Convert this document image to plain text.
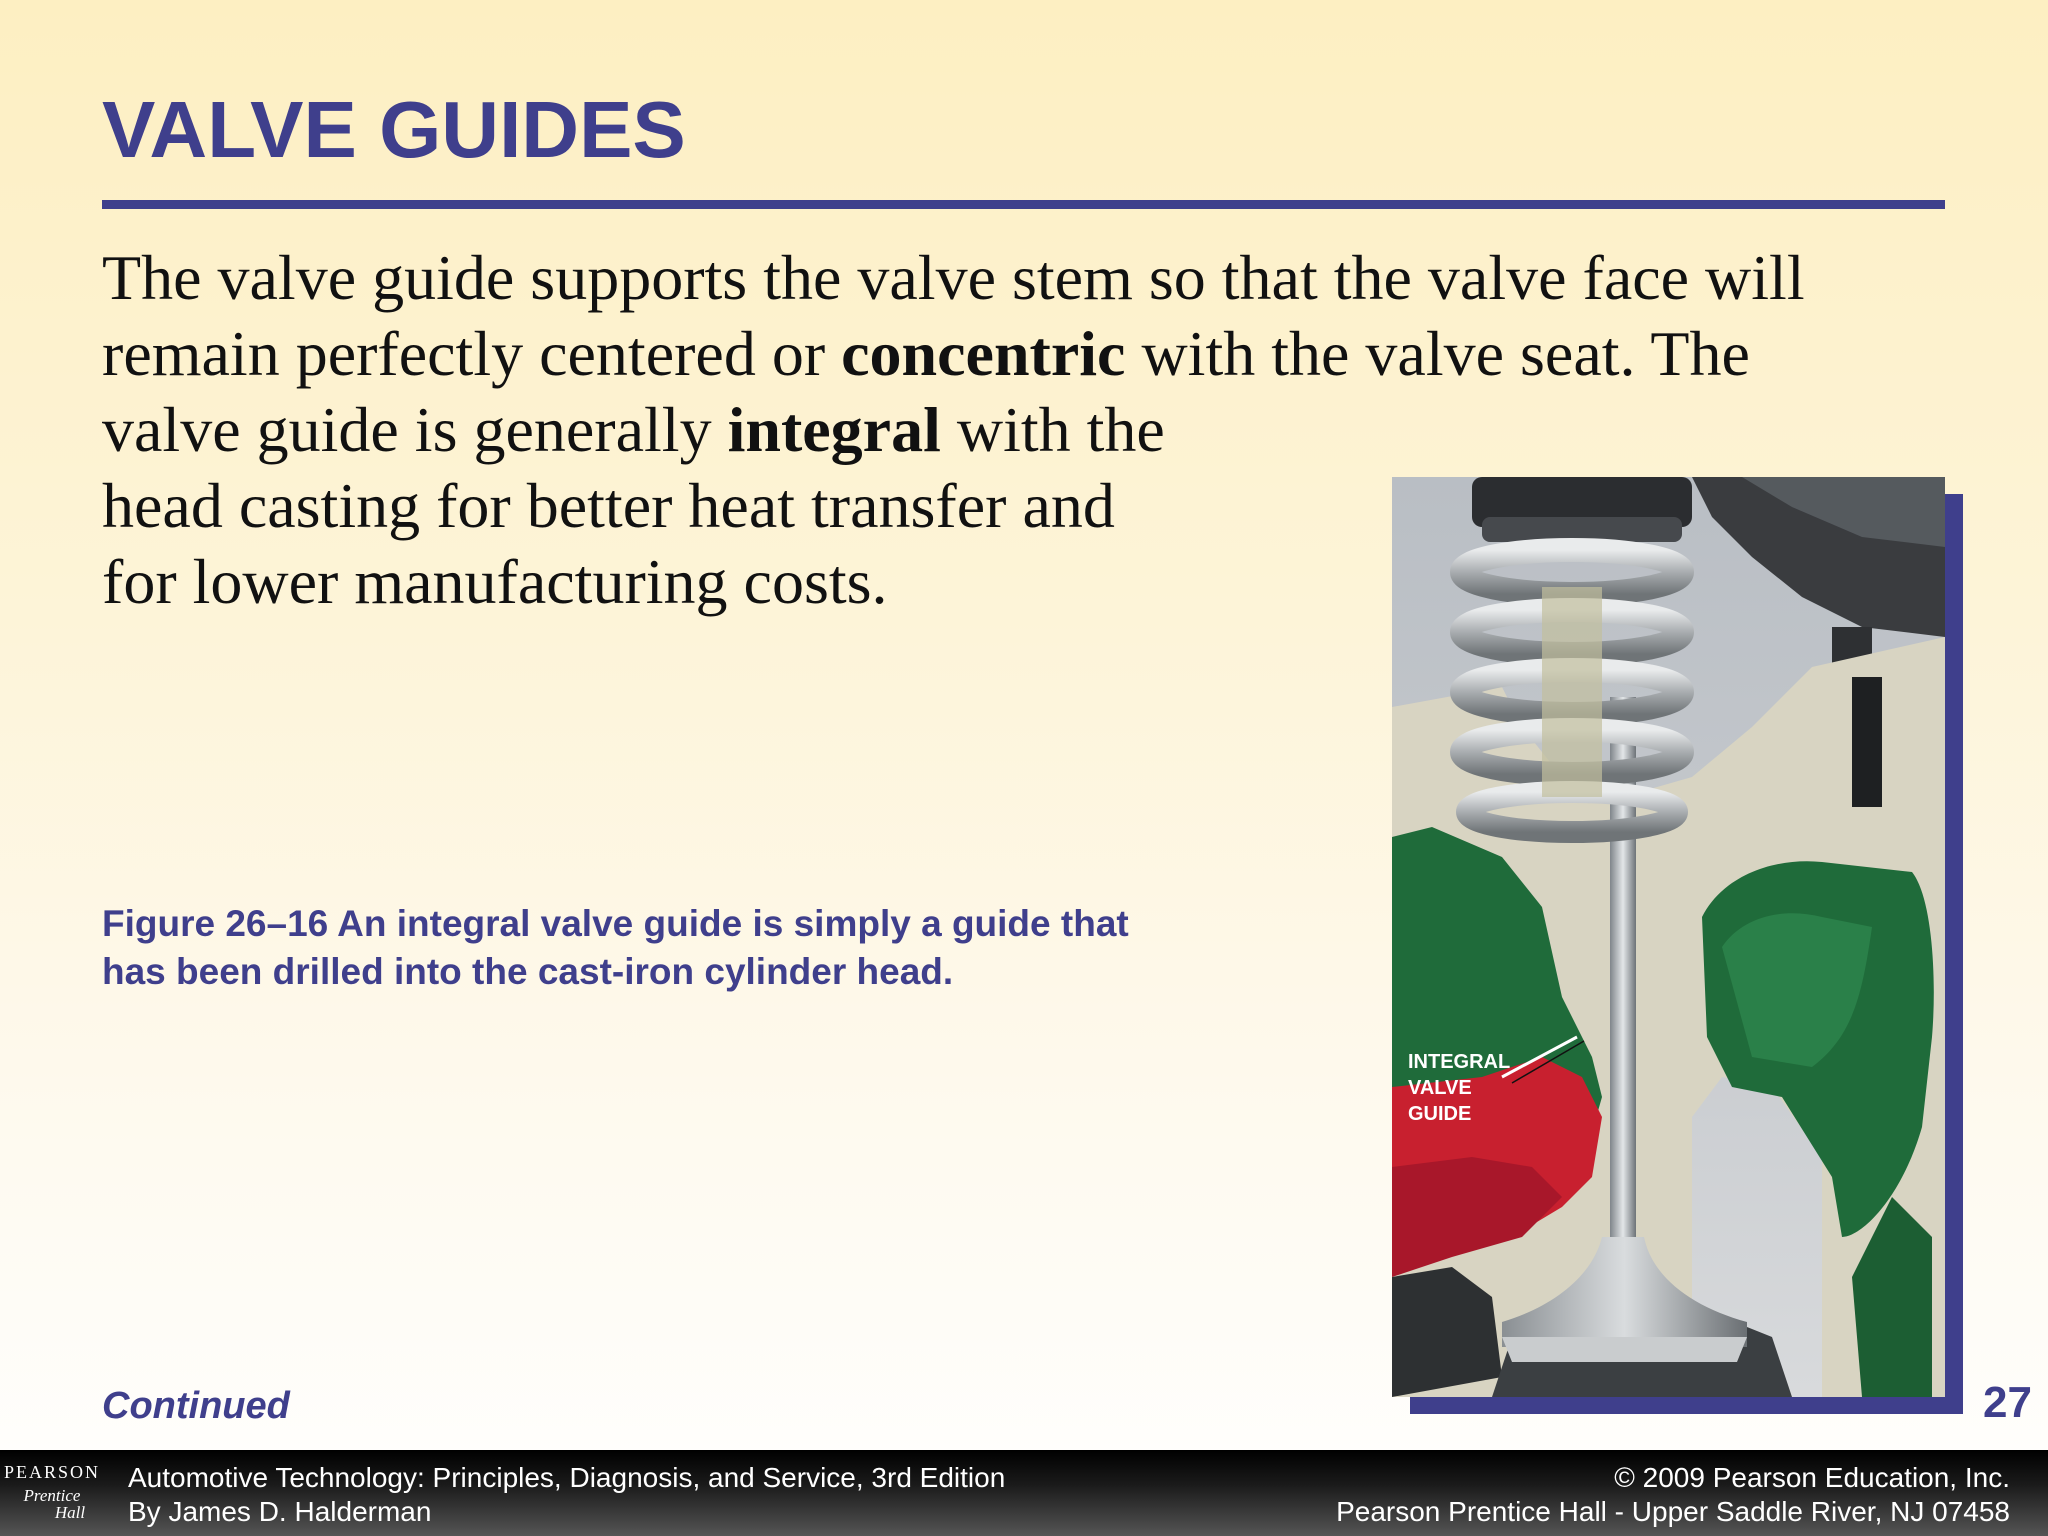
VALVE GUIDES
The valve guide supports the valve stem so that the valve face will
remain perfectly centered or concentric with the valve seat. The
valve guide is generally integral with the
head casting for better heat transfer and
for lower manufacturing costs.
Figure 26–16 An integral valve guide is simply a guide that has been drilled into the cast-iron cylinder head.
INTEGRAL
VALVE
GUIDE
Continued	27
PEARSON
Prentice
Hall
Automotive Technology: Principles, Diagnosis, and Service, 3rd Edition
By James D. Halderman
© 2009 Pearson Education, Inc.
Pearson Prentice Hall - Upper Saddle River, NJ 07458
